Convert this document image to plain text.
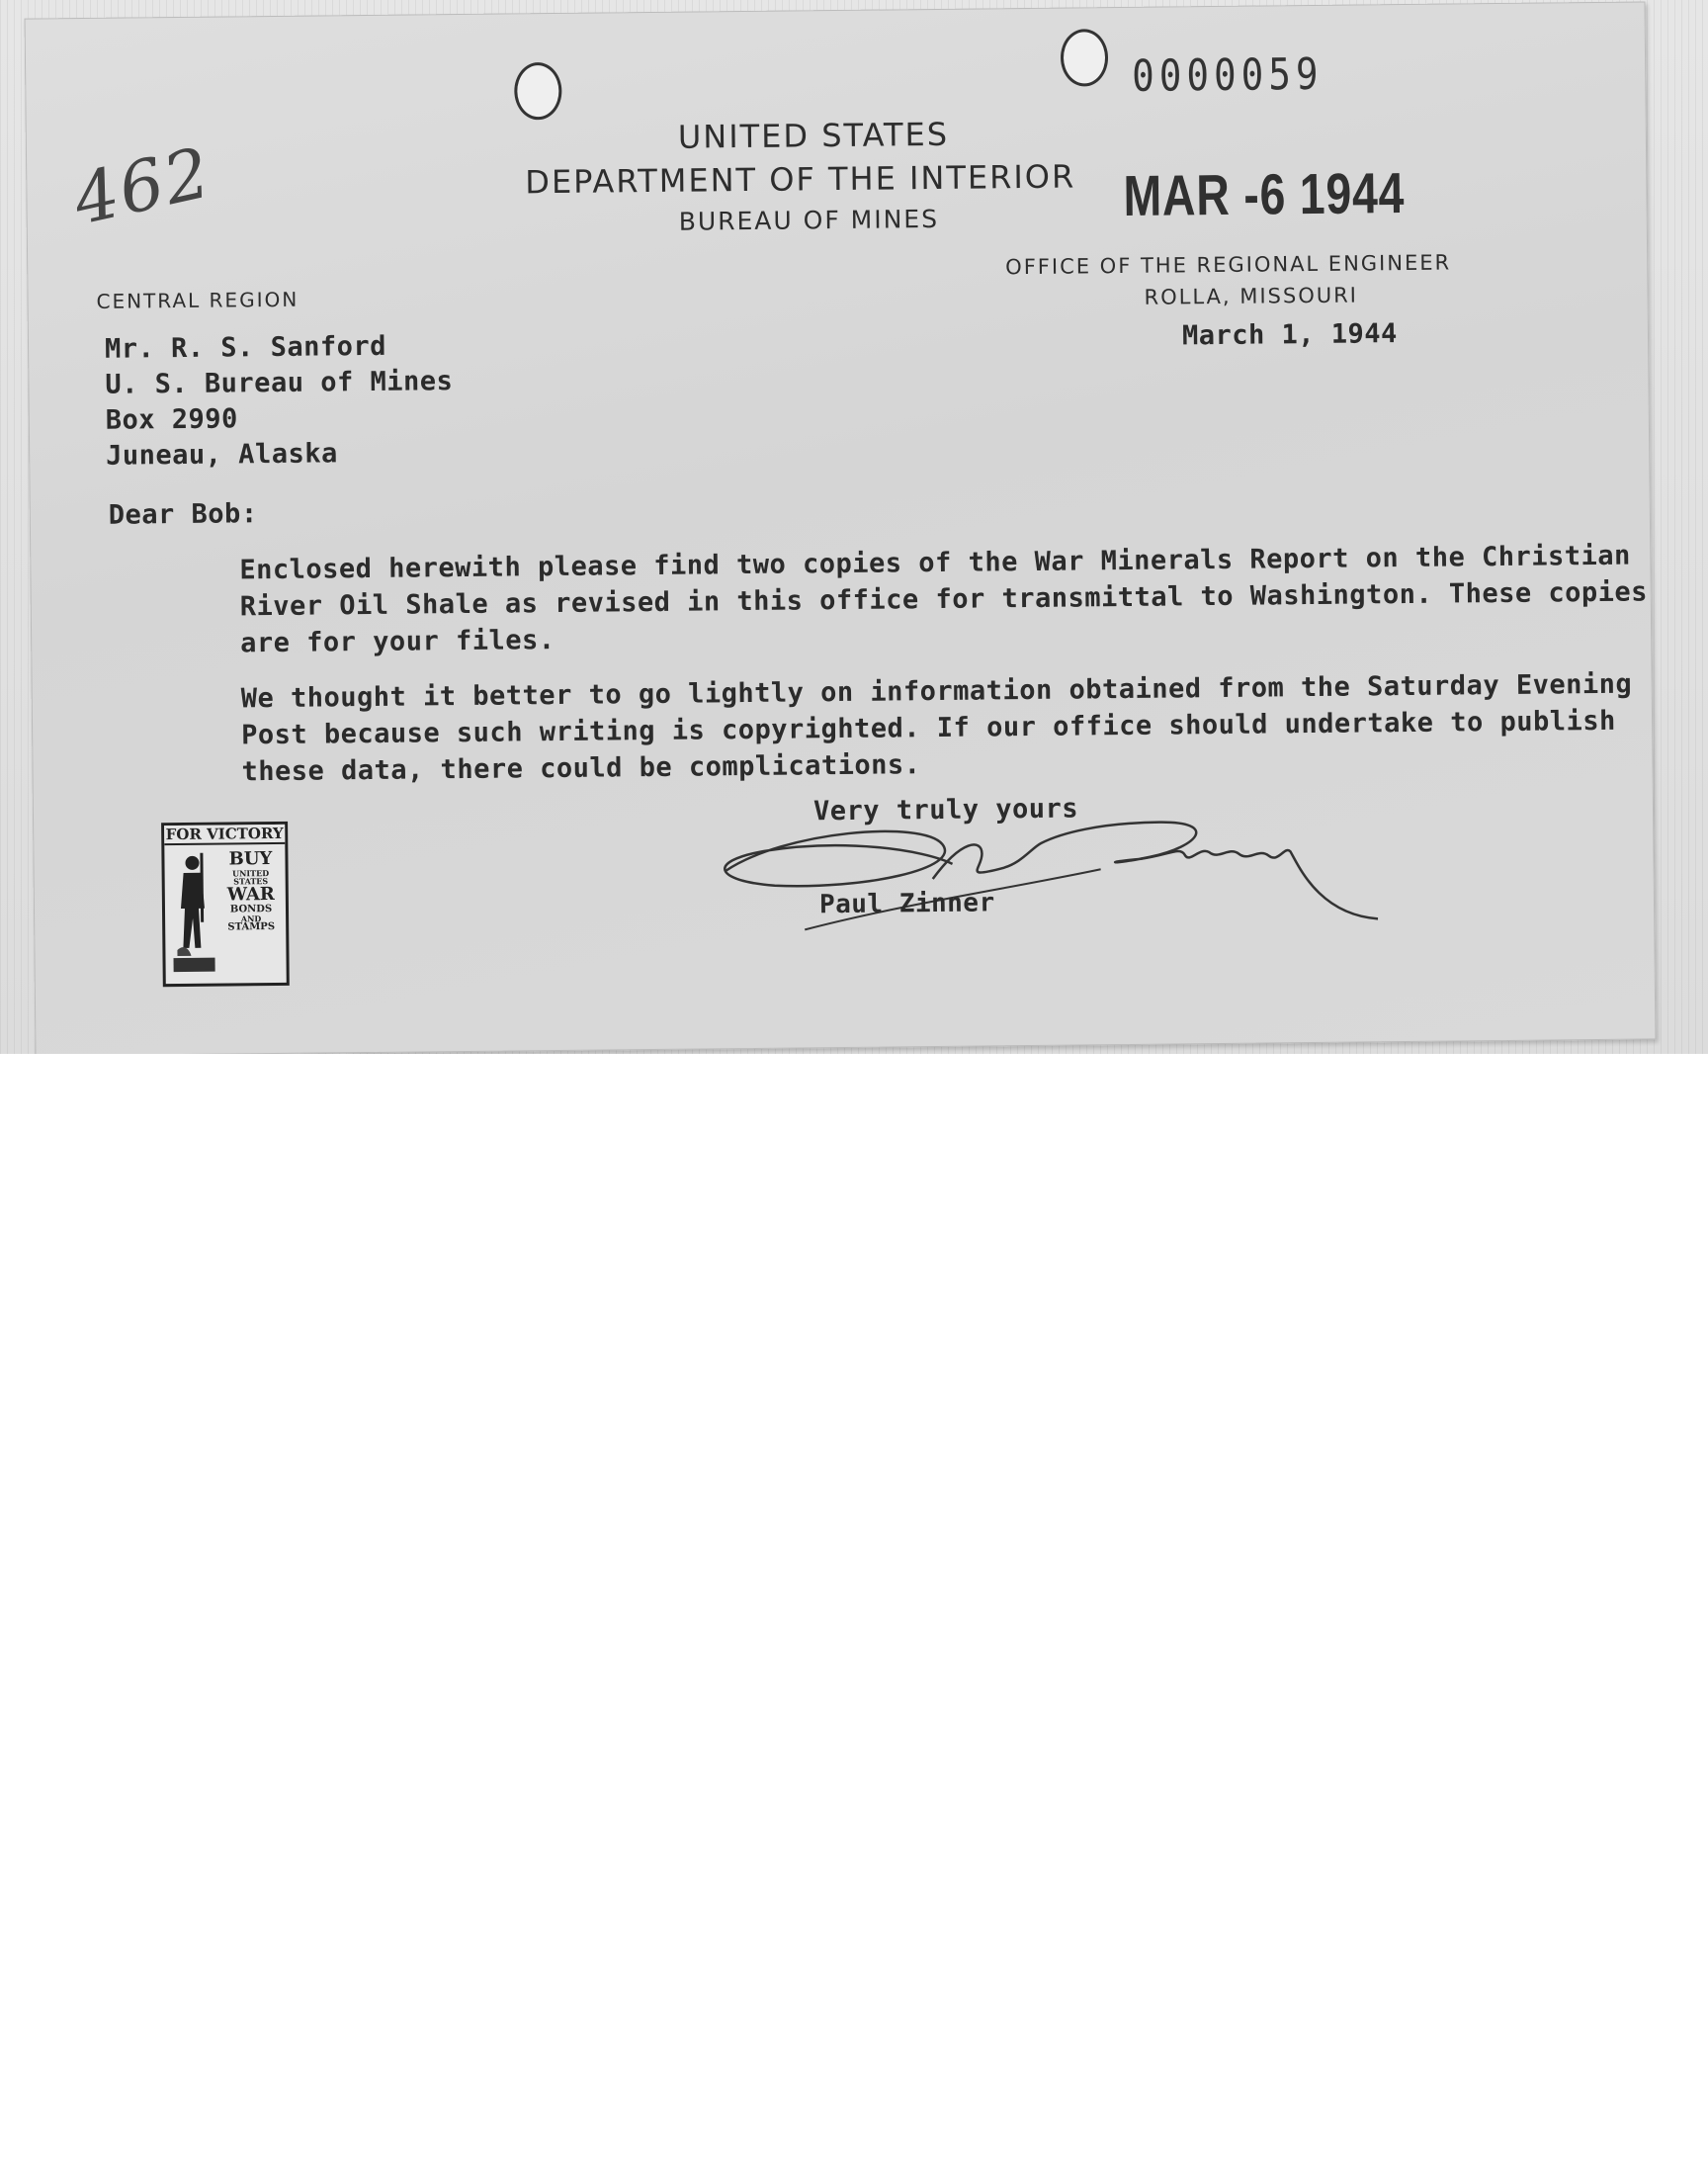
462
0000059
UNITED STATES
DEPARTMENT OF THE INTERIOR
BUREAU OF MINES	MAR -6 1944
CENTRAL REGION
OFFICE OF THE REGIONAL ENGINEER
ROLLA, MISSOURI
March 1, 1944
Mr. R. S. Sanford
U. S. Bureau of Mines
Box 2990
Juneau, Alaska
Dear Bob:
Enclosed herewith please find two copies of the War Minerals Report on the Christian River Oil Shale as revised in this office for transmittal to Washington. These copies are for your files.
We thought it better to go lightly on information obtained from the Saturday Evening Post because such writing is copyrighted. If our office should undertake to publish these data, there could be complications.
Very truly yours
Paul Zinner
FOR VICTORY
BUY
UNITED STATES
WAR
BONDS
AND
STAMPS
